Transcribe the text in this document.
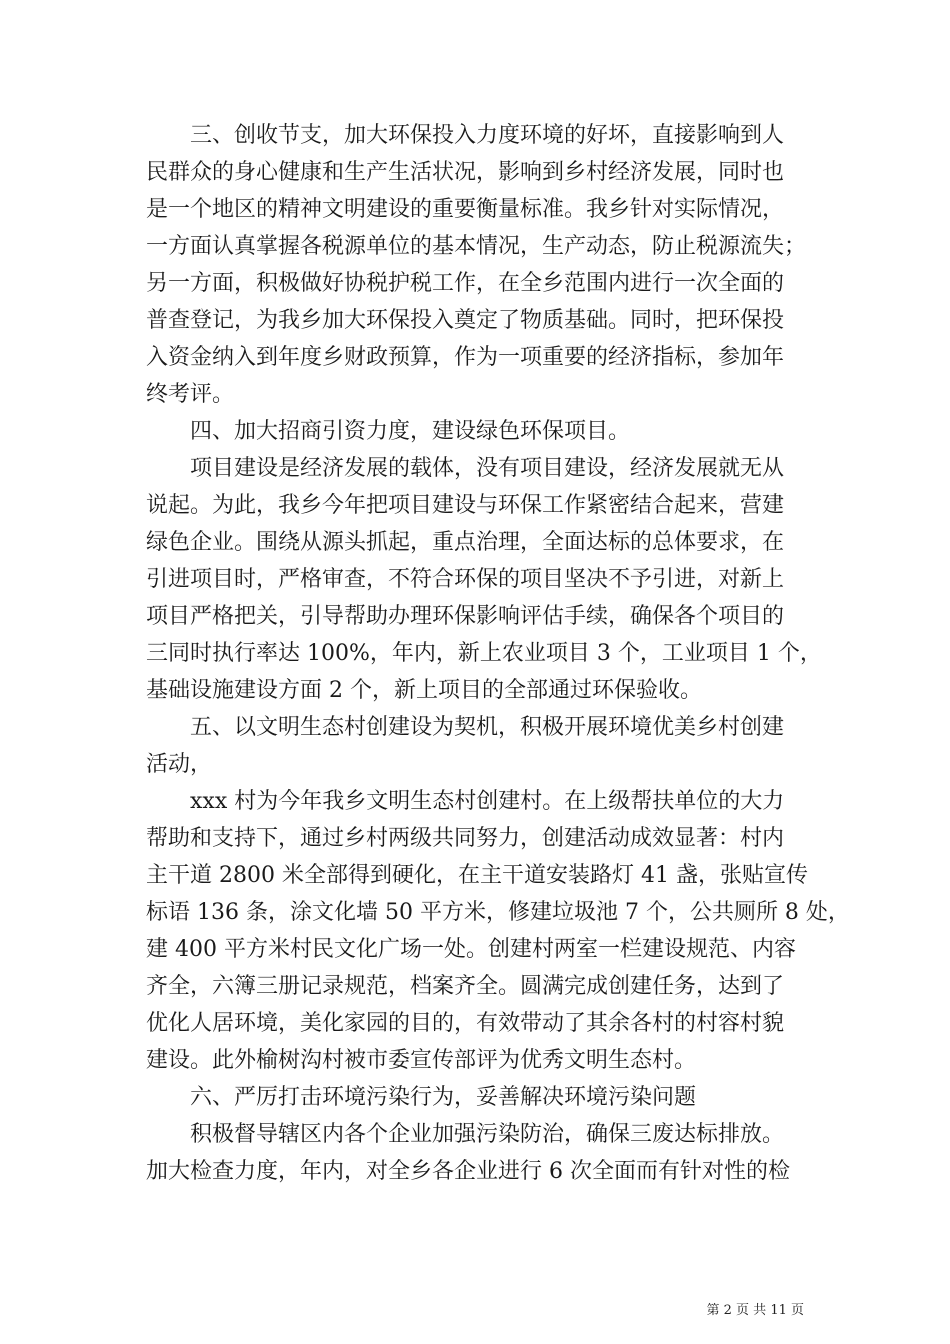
三、创收节支，加大环保投入力度环境的好坏，直接影响到人
民群众的身心健康和生产生活状况，影响到乡村经济发展，同时也
是一个地区的精神文明建设的重要衡量标准。我乡针对实际情况，
一方面认真掌握各税源单位的基本情况，生产动态，防止税源流失；
另一方面，积极做好协税护税工作，在全乡范围内进行一次全面的
普查登记，为我乡加大环保投入奠定了物质基础。同时，把环保投
入资金纳入到年度乡财政预算，作为一项重要的经济指标，参加年
终考评。
四、加大招商引资力度，建设绿色环保项目。
项目建设是经济发展的载体，没有项目建设，经济发展就无从
说起。为此，我乡今年把项目建设与环保工作紧密结合起来，营建
绿色企业。围绕从源头抓起，重点治理，全面达标的总体要求，在
引进项目时，严格审查，不符合环保的项目坚决不予引进，对新上
项目严格把关，引导帮助办理环保影响评估手续，确保各个项目的
三同时执行率达 100%，年内，新上农业项目 3 个，工业项目 1 个，
基础设施建设方面 2 个，新上项目的全部通过环保验收。
五、以文明生态村创建设为契机，积极开展环境优美乡村创建
活动，
xxx 村为今年我乡文明生态村创建村。在上级帮扶单位的大力
帮助和支持下，通过乡村两级共同努力，创建活动成效显著：村内
主干道 2800 米全部得到硬化，在主干道安装路灯 41 盏，张贴宣传
标语 136 条，涂文化墙 50 平方米，修建垃圾池 7 个，公共厕所 8 处，
建 400 平方米村民文化广场一处。创建村两室一栏建设规范、内容
齐全，六簿三册记录规范，档案齐全。圆满完成创建任务，达到了
优化人居环境，美化家园的目的，有效带动了其余各村的村容村貌
建设。此外榆树沟村被市委宣传部评为优秀文明生态村。
六、严厉打击环境污染行为，妥善解决环境污染问题
积极督导辖区内各个企业加强污染防治，确保三废达标排放。
加大检查力度，年内，对全乡各企业进行 6 次全面而有针对性的检
第 2 页 共 11 页
